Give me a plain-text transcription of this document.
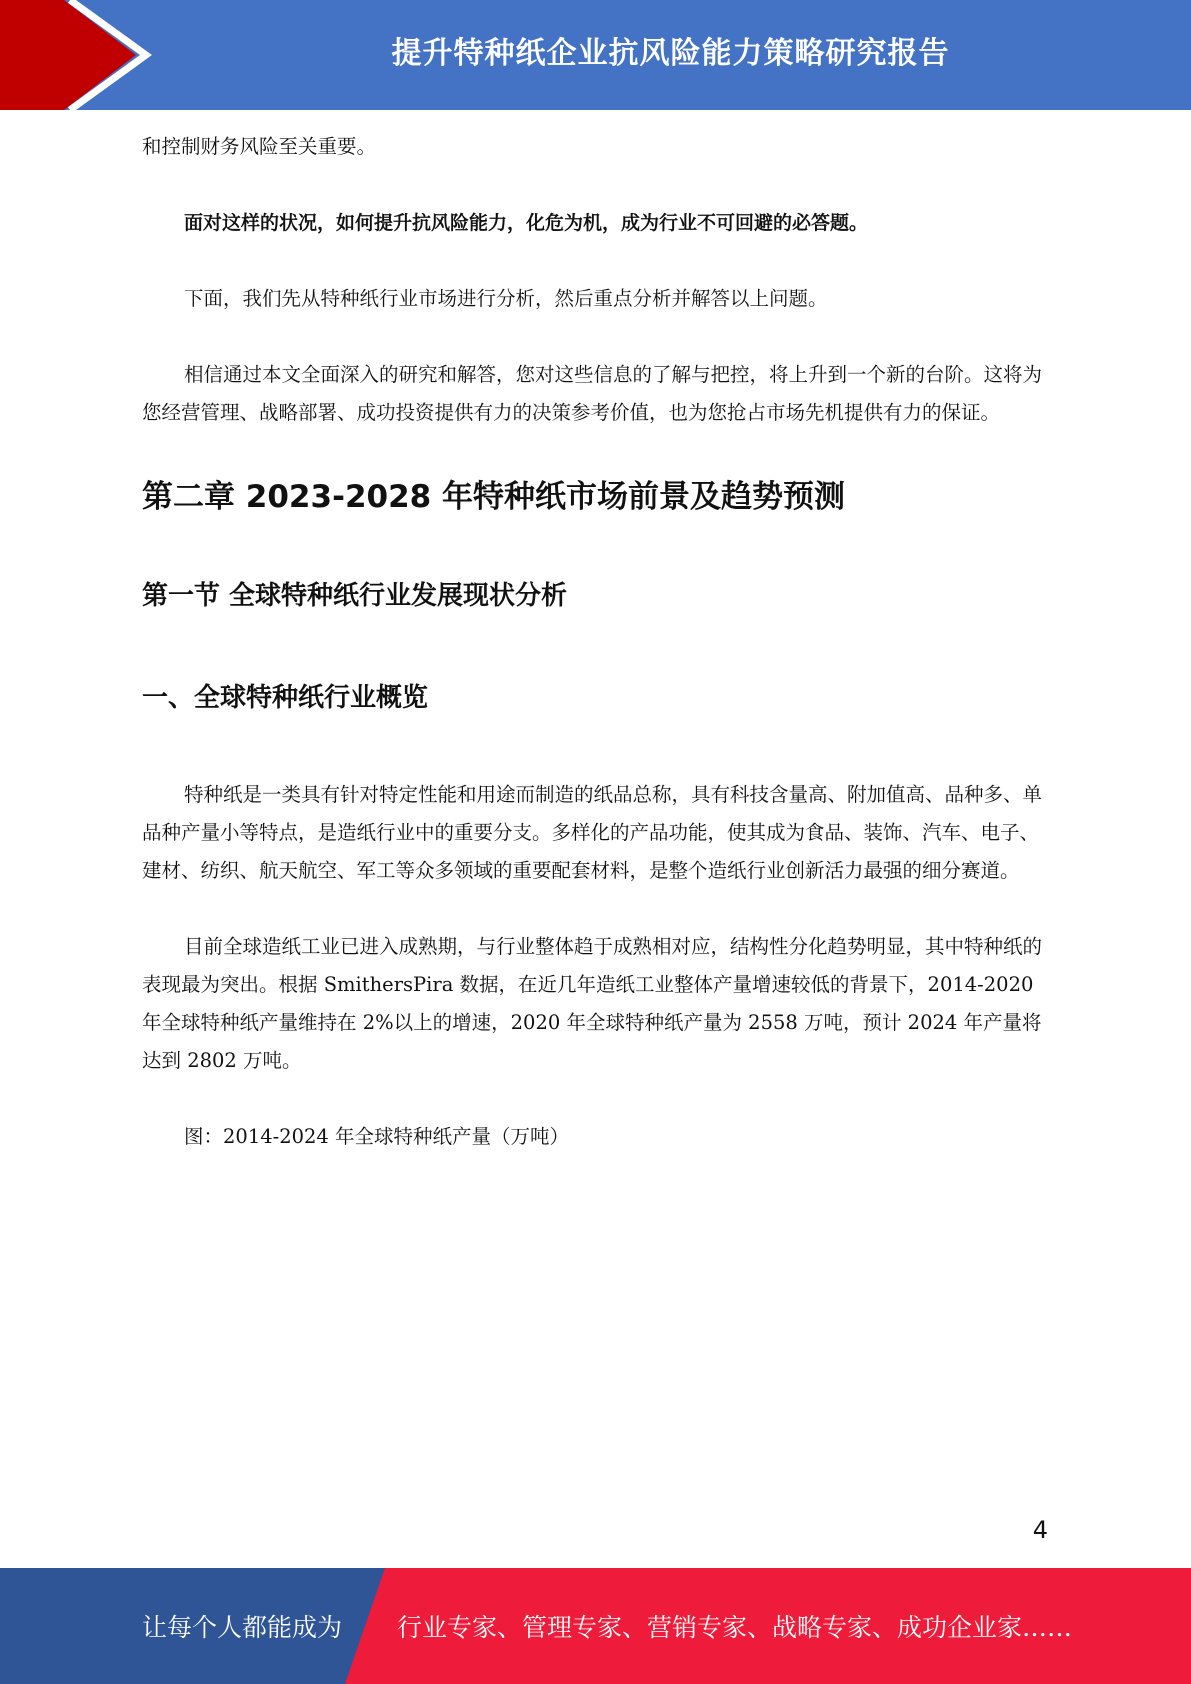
提升特种纸企业抗风险能力策略研究报告

和控制财务风险至关重要。

面对这样的状况，如何提升抗风险能力，化危为机，成为行业不可回避的必答题。

下面，我们先从特种纸行业市场进行分析，然后重点分析并解答以上问题。

相信通过本文全面深入的研究和解答，您对这些信息的了解与把控，将上升到一个新的台阶。这将为您经营管理、战略部署、成功投资提供有力的决策参考价值，也为您抢占市场先机提供有力的保证。

第二章 2023-2028 年特种纸市场前景及趋势预测
第一节 全球特种纸行业发展现状分析
一、全球特种纸行业概览

特种纸是一类具有针对特定性能和用途而制造的纸品总称，具有科技含量高、附加值高、品种多、单品种产量小等特点，是造纸行业中的重要分支。多样化的产品功能，使其成为食品、装饰、汽车、电子、建材、纺织、航天航空、军工等众多领域的重要配套材料，是整个造纸行业创新活力最强的细分赛道。

目前全球造纸工业已进入成熟期，与行业整体趋于成熟相对应，结构性分化趋势明显，其中特种纸的表现最为突出。根据 SmithersPira 数据，在近几年造纸工业整体产量增速较低的背景下，2014-2020 年全球特种纸产量维持在 2%以上的增速，2020 年全球特种纸产量为 2558 万吨，预计 2024 年产量将达到 2802 万吨。

图：2014-2024 年全球特种纸产量（万吨）

4
让每个人都能成为 行业专家、管理专家、营销专家、战略专家、成功企业家……
